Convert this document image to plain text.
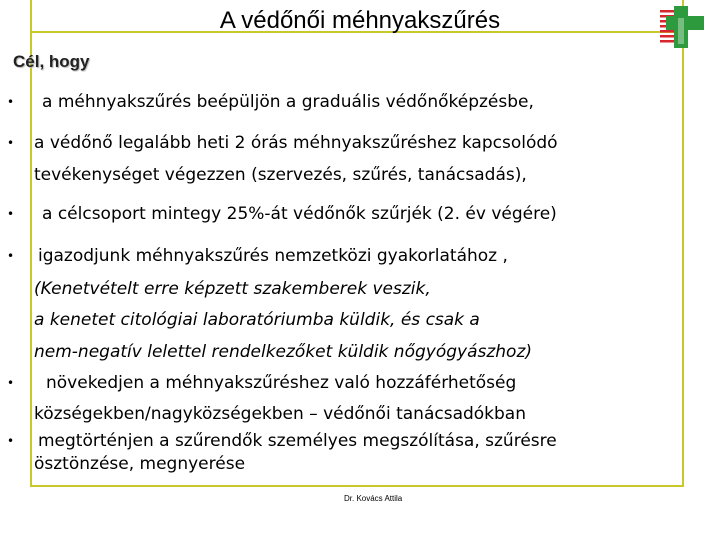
A védőnői méhnyakszűrés
Cél, hogy
•
•
•
•
•
•
a méhnyakszűrés beépüljön a graduális védőnőképzésbe,
a védőnő legalább heti 2 órás méhnyakszűréshez kapcsolódó
tevékenységet végezzen (szervezés, szűrés, tanácsadás),
a célcsoport mintegy 25%-át védőnők szűrjék (2. év végére)
igazodjunk méhnyakszűrés nemzetközi gyakorlatához ,
(Kenetvételt erre képzett szakemberek veszik,
a kenetet citológiai laboratóriumba küldik, és csak a
nem-negatív lelettel rendelkezőket küldik nőgyógyászhoz)
növekedjen a méhnyakszűréshez való hozzáférhetőség
községekben/nagyközségekben – védőnői tanácsadókban
megtörténjen a szűrendők személyes megszólítása, szűrésre
ösztönzése, megnyerése
Dr. Kovács Attila
